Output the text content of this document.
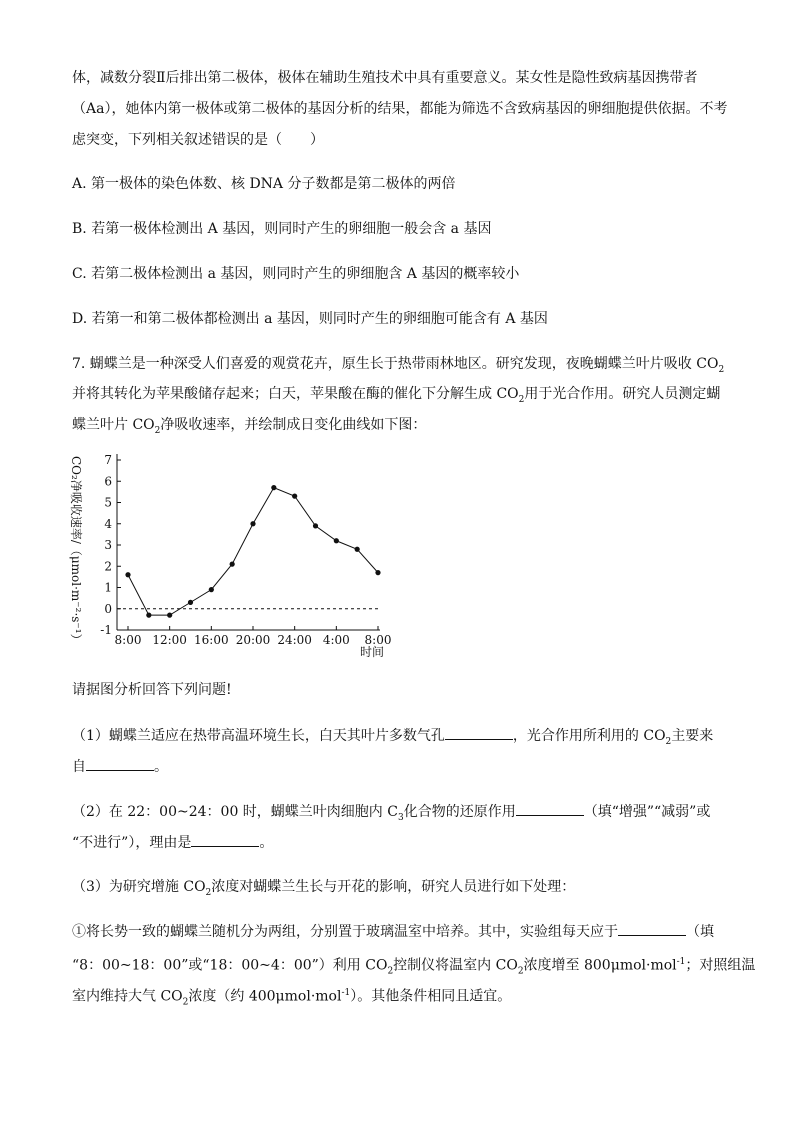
体，减数分裂Ⅱ后排出第二极体，极体在辅助生殖技术中具有重要意义。某女性是隐性致病基因携带者
（Aa），她体内第一极体或第二极体的基因分析的结果，都能为筛选不含致病基因的卵细胞提供依据。不考
虑突变，下列相关叙述错误的是（　　）
A. 第一极体的染色体数、核 DNA 分子数都是第二极体的两倍
B. 若第一极体检测出 A 基因，则同时产生的卵细胞一般会含 a 基因
C. 若第二极体检测出 a 基因，则同时产生的卵细胞含 A 基因的概率较小
D. 若第一和第二极体都检测出 a 基因，则同时产生的卵细胞可能含有 A 基因
7. 蝴蝶兰是一种深受人们喜爱的观赏花卉，原生长于热带雨林地区。研究发现，夜晚蝴蝶兰叶片吸收 $CO_2$
并将其转化为苹果酸储存起来；白天，苹果酸在酶的催化下分解生成 $CO_2$用于光合作用。研究人员测定蝴
蝶兰叶片 $CO_2$净吸收速率，并绘制成日变化曲线如下图：
-1
0
1
2
3
4
5
6
7
8:00 12:00 16:00 20:00 24:00 4:00 8:00
CO₂净吸收速率/（μmol·m⁻²·s⁻¹）
时间
请据图分析回答下列问题!
（1）蝴蝶兰适应在热带高温环境生长，白天其叶片多数气孔	，光合作用所利用的 $CO_2$主要来
自	。
（2）在 22：00~24：00 时，蝴蝶兰叶肉细胞内 $C_3$化合物的还原作用	（填“增强”“减弱”或
“不进行”），理由是	。
（3）为研究增施 $CO_2$浓度对蝴蝶兰生长与开花的影响，研究人员进行如下处理：
①将长势一致的蝴蝶兰随机分为两组，分别置于玻璃温室中培养。其中，实验组每天应于	（填
“8：00~18：00”或“18：00~4：00”）利用 $CO_2$控制仪将温室内 $CO_2$浓度增至 800μmol·mol$^{-1}$；对照组温
室内维持大气 $CO_2$浓度（约 400μmol·mol$^{-1}$）。其他条件相同且适宜。
